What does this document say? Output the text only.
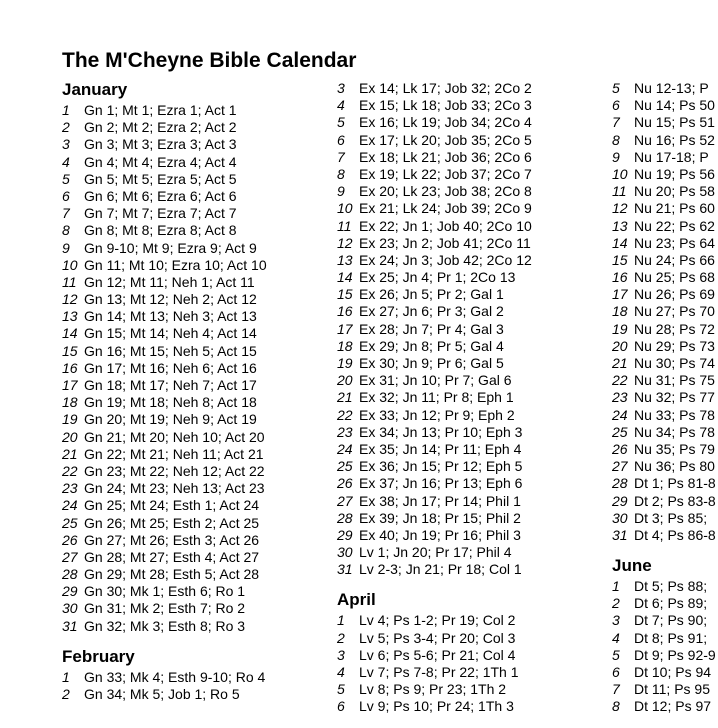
The M'Cheyne Bible Calendar
January
1 Gn 1; Mt 1; Ezra 1; Act 1
2 Gn 2; Mt 2; Ezra 2; Act 2
3 Gn 3; Mt 3; Ezra 3; Act 3
4 Gn 4; Mt 4; Ezra 4; Act 4
5 Gn 5; Mt 5; Ezra 5; Act 5
6 Gn 6; Mt 6; Ezra 6; Act 6
7 Gn 7; Mt 7; Ezra 7; Act 7
8 Gn 8; Mt 8; Ezra 8; Act 8
9 Gn 9-10; Mt 9; Ezra 9; Act 9
10 Gn 11; Mt 10; Ezra 10; Act 10
11 Gn 12; Mt 11; Neh 1; Act 11
12 Gn 13; Mt 12; Neh 2; Act 12
13 Gn 14; Mt 13; Neh 3; Act 13
14 Gn 15; Mt 14; Neh 4; Act 14
15 Gn 16; Mt 15; Neh 5; Act 15
16 Gn 17; Mt 16; Neh 6; Act 16
17 Gn 18; Mt 17; Neh 7; Act 17
18 Gn 19; Mt 18; Neh 8; Act 18
19 Gn 20; Mt 19; Neh 9; Act 19
20 Gn 21; Mt 20; Neh 10; Act 20
21 Gn 22; Mt 21; Neh 11; Act 21
22 Gn 23; Mt 22; Neh 12; Act 22
23 Gn 24; Mt 23; Neh 13; Act 23
24 Gn 25; Mt 24; Esth 1; Act 24
25 Gn 26; Mt 25; Esth 2; Act 25
26 Gn 27; Mt 26; Esth 3; Act 26
27 Gn 28; Mt 27; Esth 4; Act 27
28 Gn 29; Mt 28; Esth 5; Act 28
29 Gn 30; Mk 1; Esth 6; Ro 1
30 Gn 31; Mk 2; Esth 7; Ro 2
31 Gn 32; Mk 3; Esth 8; Ro 3
February
1 Gn 33; Mk 4; Esth 9-10; Ro 4
2 Gn 34; Mk 5; Job 1; Ro 5
3 Ex 14; Lk 17; Job 32; 2Co 2
4 Ex 15; Lk 18; Job 33; 2Co 3
5 Ex 16; Lk 19; Job 34; 2Co 4
6 Ex 17; Lk 20; Job 35; 2Co 5
7 Ex 18; Lk 21; Job 36; 2Co 6
8 Ex 19; Lk 22; Job 37; 2Co 7
9 Ex 20; Lk 23; Job 38; 2Co 8
10 Ex 21; Lk 24; Job 39; 2Co 9
11 Ex 22; Jn 1; Job 40; 2Co 10
12 Ex 23; Jn 2; Job 41; 2Co 11
13 Ex 24; Jn 3; Job 42; 2Co 12
14 Ex 25; Jn 4; Pr 1; 2Co 13
15 Ex 26; Jn 5; Pr 2; Gal 1
16 Ex 27; Jn 6; Pr 3; Gal 2
17 Ex 28; Jn 7; Pr 4; Gal 3
18 Ex 29; Jn 8; Pr 5; Gal 4
19 Ex 30; Jn 9; Pr 6; Gal 5
20 Ex 31; Jn 10; Pr 7; Gal 6
21 Ex 32; Jn 11; Pr 8; Eph 1
22 Ex 33; Jn 12; Pr 9; Eph 2
23 Ex 34; Jn 13; Pr 10; Eph 3
24 Ex 35; Jn 14; Pr 11; Eph 4
25 Ex 36; Jn 15; Pr 12; Eph 5
26 Ex 37; Jn 16; Pr 13; Eph 6
27 Ex 38; Jn 17; Pr 14; Phil 1
28 Ex 39; Jn 18; Pr 15; Phil 2
29 Ex 40; Jn 19; Pr 16; Phil 3
30 Lv 1; Jn 20; Pr 17; Phil 4
31 Lv 2-3; Jn 21; Pr 18; Col 1
April
1 Lv 4; Ps 1-2; Pr 19; Col 2
2 Lv 5; Ps 3-4; Pr 20; Col 3
3 Lv 6; Ps 5-6; Pr 21; Col 4
4 Lv 7; Ps 7-8; Pr 22; 1Th 1
5 Lv 8; Ps 9; Pr 23; 1Th 2
6 Lv 9; Ps 10; Pr 24; 1Th 3
5 Nu 12-13; P
6 Nu 14; Ps 50
7 Nu 15; Ps 51
8 Nu 16; Ps 52
9 Nu 17-18; P
10 Nu 19; Ps 56
11 Nu 20; Ps 58
12 Nu 21; Ps 60
13 Nu 22; Ps 62
14 Nu 23; Ps 64
15 Nu 24; Ps 66
16 Nu 25; Ps 68
17 Nu 26; Ps 69
18 Nu 27; Ps 70
19 Nu 28; Ps 72
20 Nu 29; Ps 73
21 Nu 30; Ps 74
22 Nu 31; Ps 75
23 Nu 32; Ps 77
24 Nu 33; Ps 78
25 Nu 34; Ps 78
26 Nu 35; Ps 79
27 Nu 36; Ps 80
28 Dt 1; Ps 81-8
29 Dt 2; Ps 83-8
30 Dt 3; Ps 85;
31 Dt 4; Ps 86-8
June
1 Dt 5; Ps 88;
2 Dt 6; Ps 89;
3 Dt 7; Ps 90;
4 Dt 8; Ps 91;
5 Dt 9; Ps 92-9
6 Dt 10; Ps 94
7 Dt 11; Ps 95
8 Dt 12; Ps 97
